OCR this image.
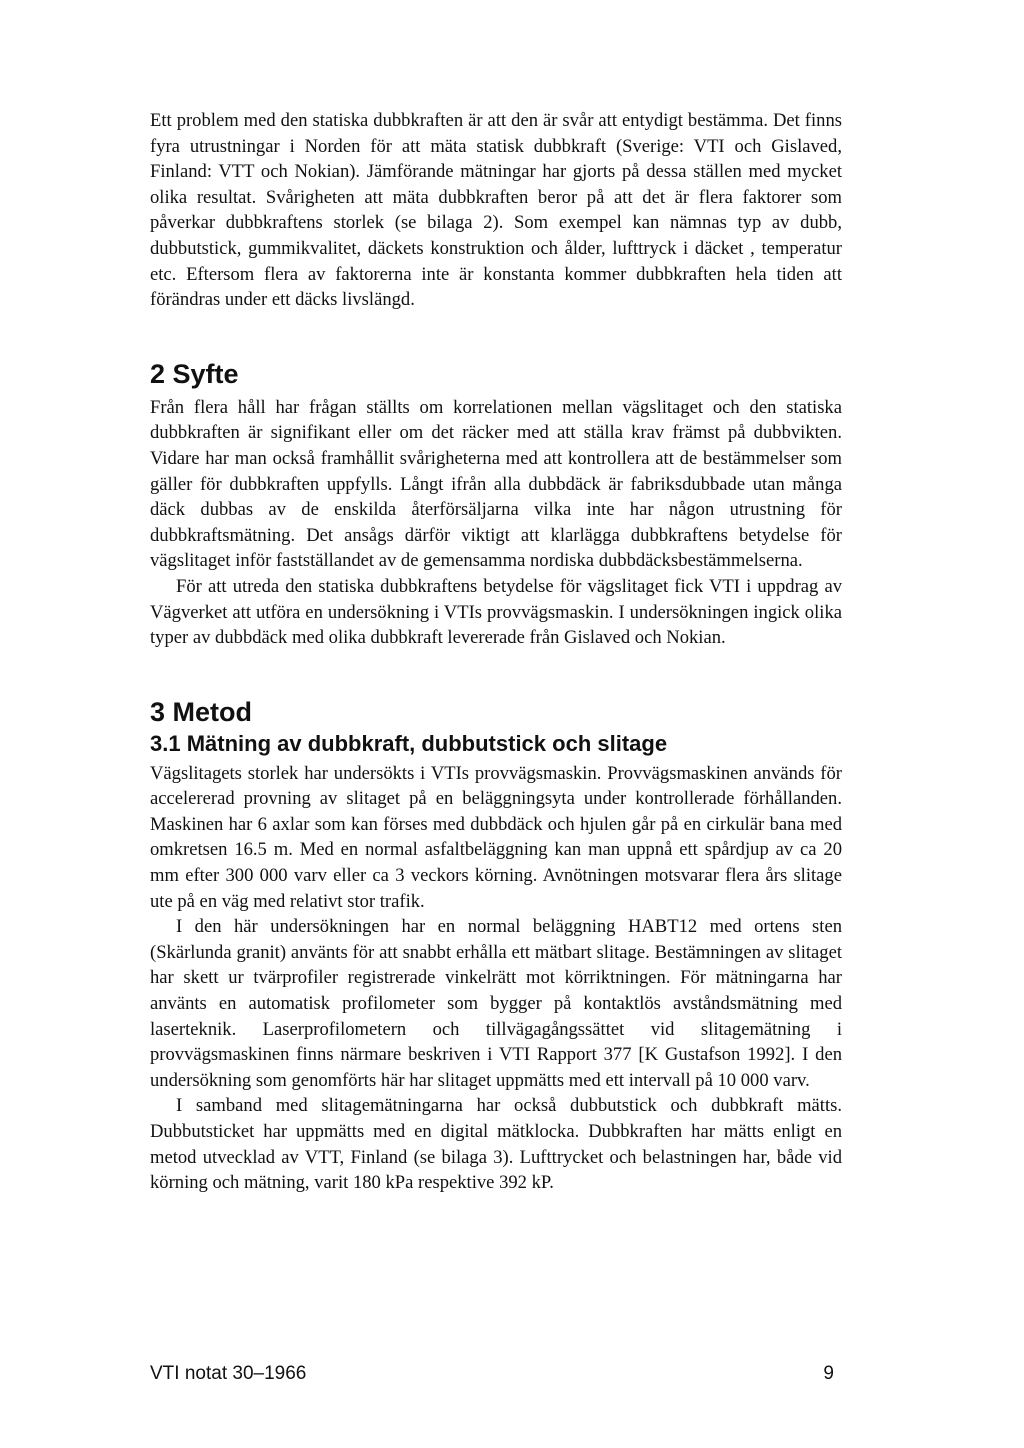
Ett problem med den statiska dubbkraften är att den är svår att entydigt bestämma. Det finns fyra utrustningar i Norden för att mäta statisk dubbkraft (Sverige: VTI och Gislaved, Finland: VTT och Nokian). Jämförande mätningar har gjorts på dessa ställen med mycket olika resultat. Svårigheten att mäta dubbkraften beror på att det är flera faktorer som påverkar dubbkraftens storlek (se bilaga 2). Som exempel kan nämnas typ av dubb, dubbutstick, gummikvalitet, däckets konstruktion och ålder, lufttryck i däcket , temperatur etc. Eftersom flera av faktorerna inte är konstanta kommer dubbkraften hela tiden att förändras under ett däcks livslängd.

2 Syfte

Från flera håll har frågan ställts om korrelationen mellan vägslitaget och den statiska dubbkraften är signifikant eller om det räcker med att ställa krav främst på dubbvikten. Vidare har man också framhållit svårigheterna med att kontrollera att de bestämmelser som gäller för dubbkraften uppfylls. Långt ifrån alla dubbdäck är fabriksdubbade utan många däck dubbas av de enskilda återförsäljarna vilka inte har någon utrustning för dubbkraftsmätning. Det ansågs därför viktigt att klarlägga dubbkraftens betydelse för vägslitaget inför fastställandet av de gemensamma nordiska dubbdäcksbestämmelserna.

För att utreda den statiska dubbkraftens betydelse för vägslitaget fick VTI i uppdrag av Vägverket att utföra en undersökning i VTIs provvägsmaskin. I undersökningen ingick olika typer av dubbdäck med olika dubbkraft levererade från Gislaved och Nokian.

3 Metod
3.1 Mätning av dubbkraft, dubbutstick och slitage

Vägslitagets storlek har undersökts i VTIs provvägsmaskin. Provvägsmaskinen används för accelererad provning av slitaget på en beläggningsyta under kontrollerade förhållanden. Maskinen har 6 axlar som kan förses med dubbdäck och hjulen går på en cirkulär bana med omkretsen 16.5 m. Med en normal asfaltbeläggning kan man uppnå ett spårdjup av ca 20 mm efter 300 000 varv eller ca 3 veckors körning. Avnötningen motsvarar flera års slitage ute på en väg med relativt stor trafik.

I den här undersökningen har en normal beläggning HABT12 med ortens sten (Skärlunda granit) använts för att snabbt erhålla ett mätbart slitage. Bestämningen av slitaget har skett ur tvärprofiler registrerade vinkelrätt mot körriktningen. För mätningarna har använts en automatisk profilometer som bygger på kontaktlös avståndsmätning med laserteknik. Laserprofilometern och tillvägagångssättet vid slitagemätning i provvägsmaskinen finns närmare beskriven i VTI Rapport 377 [K Gustafson 1992]. I den undersökning som genomförts här har slitaget uppmätts med ett intervall på 10 000 varv.

I samband med slitagemätningarna har också dubbutstick och dubbkraft mätts. Dubbutsticket har uppmätts med en digital mätklocka. Dubbkraften har mätts enligt en metod utvecklad av VTT, Finland (se bilaga 3). Lufttrycket och belastningen har, både vid körning och mätning, varit 180 kPa respektive 392 kP.

VTI notat 30–1966	9
